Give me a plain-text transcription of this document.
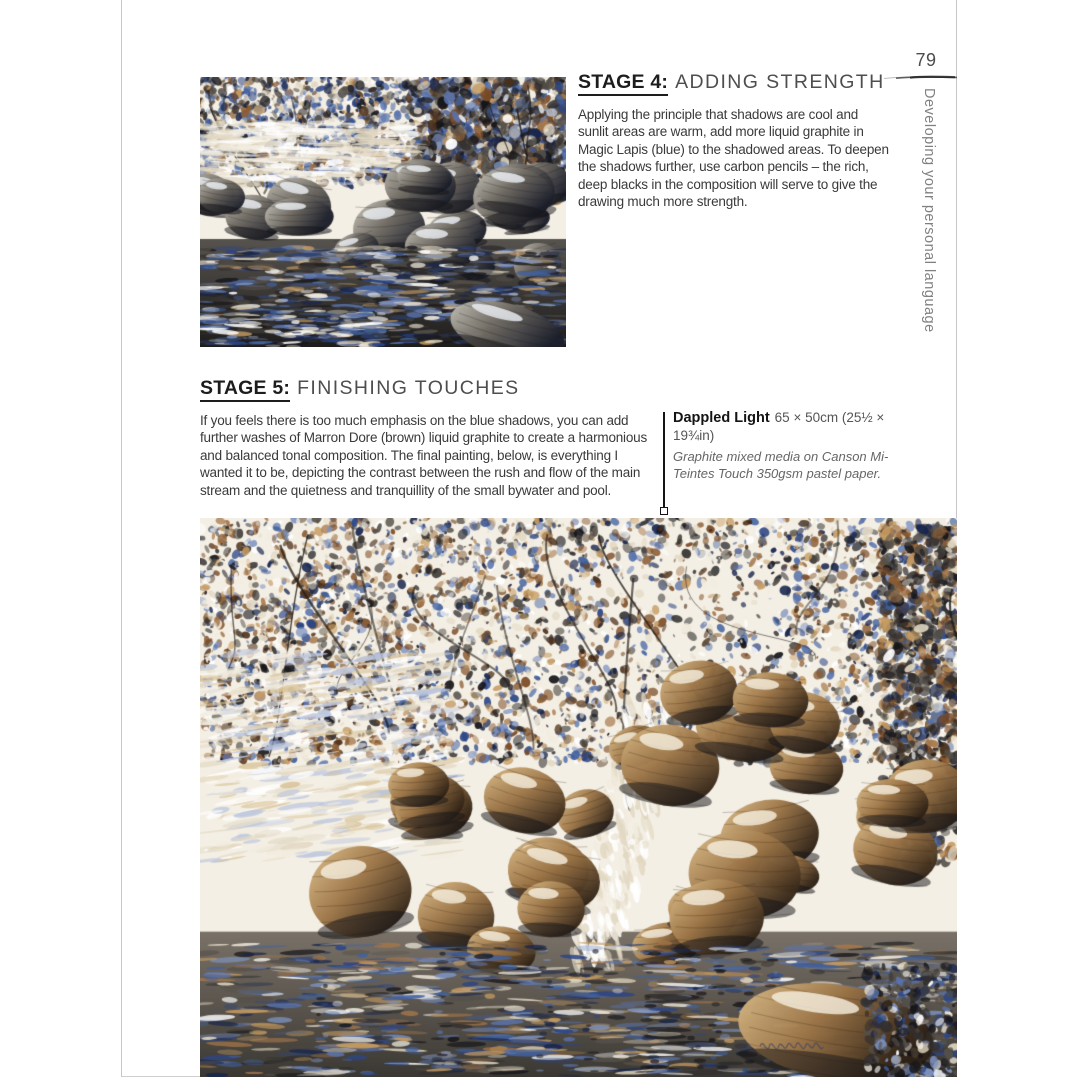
STAGE 4: ADDING STRENGTH

Applying the principle that shadows are cool and sunlit areas are warm, add more liquid graphite in Magic Lapis (blue) to the shadowed areas. To deepen the shadows further, use carbon pencils – the rich, deep blacks in the composition will serve to give the drawing much more strength.

STAGE 5: FINISHING TOUCHES

If you feels there is too much emphasis on the blue shadows, you can add further washes of Marron Dore (brown) liquid graphite to create a harmonious and balanced tonal composition. The final painting, below, is everything I wanted it to be, depicting the contrast between the rush and flow of the main stream and the quietness and tranquillity of the small bywater and pool.

Dappled Light 65 × 50cm (25½ × 19¾in)
Graphite mixed media on Canson Mi-Teintes Touch 350gsm pastel paper.
79
Developing your personal language
